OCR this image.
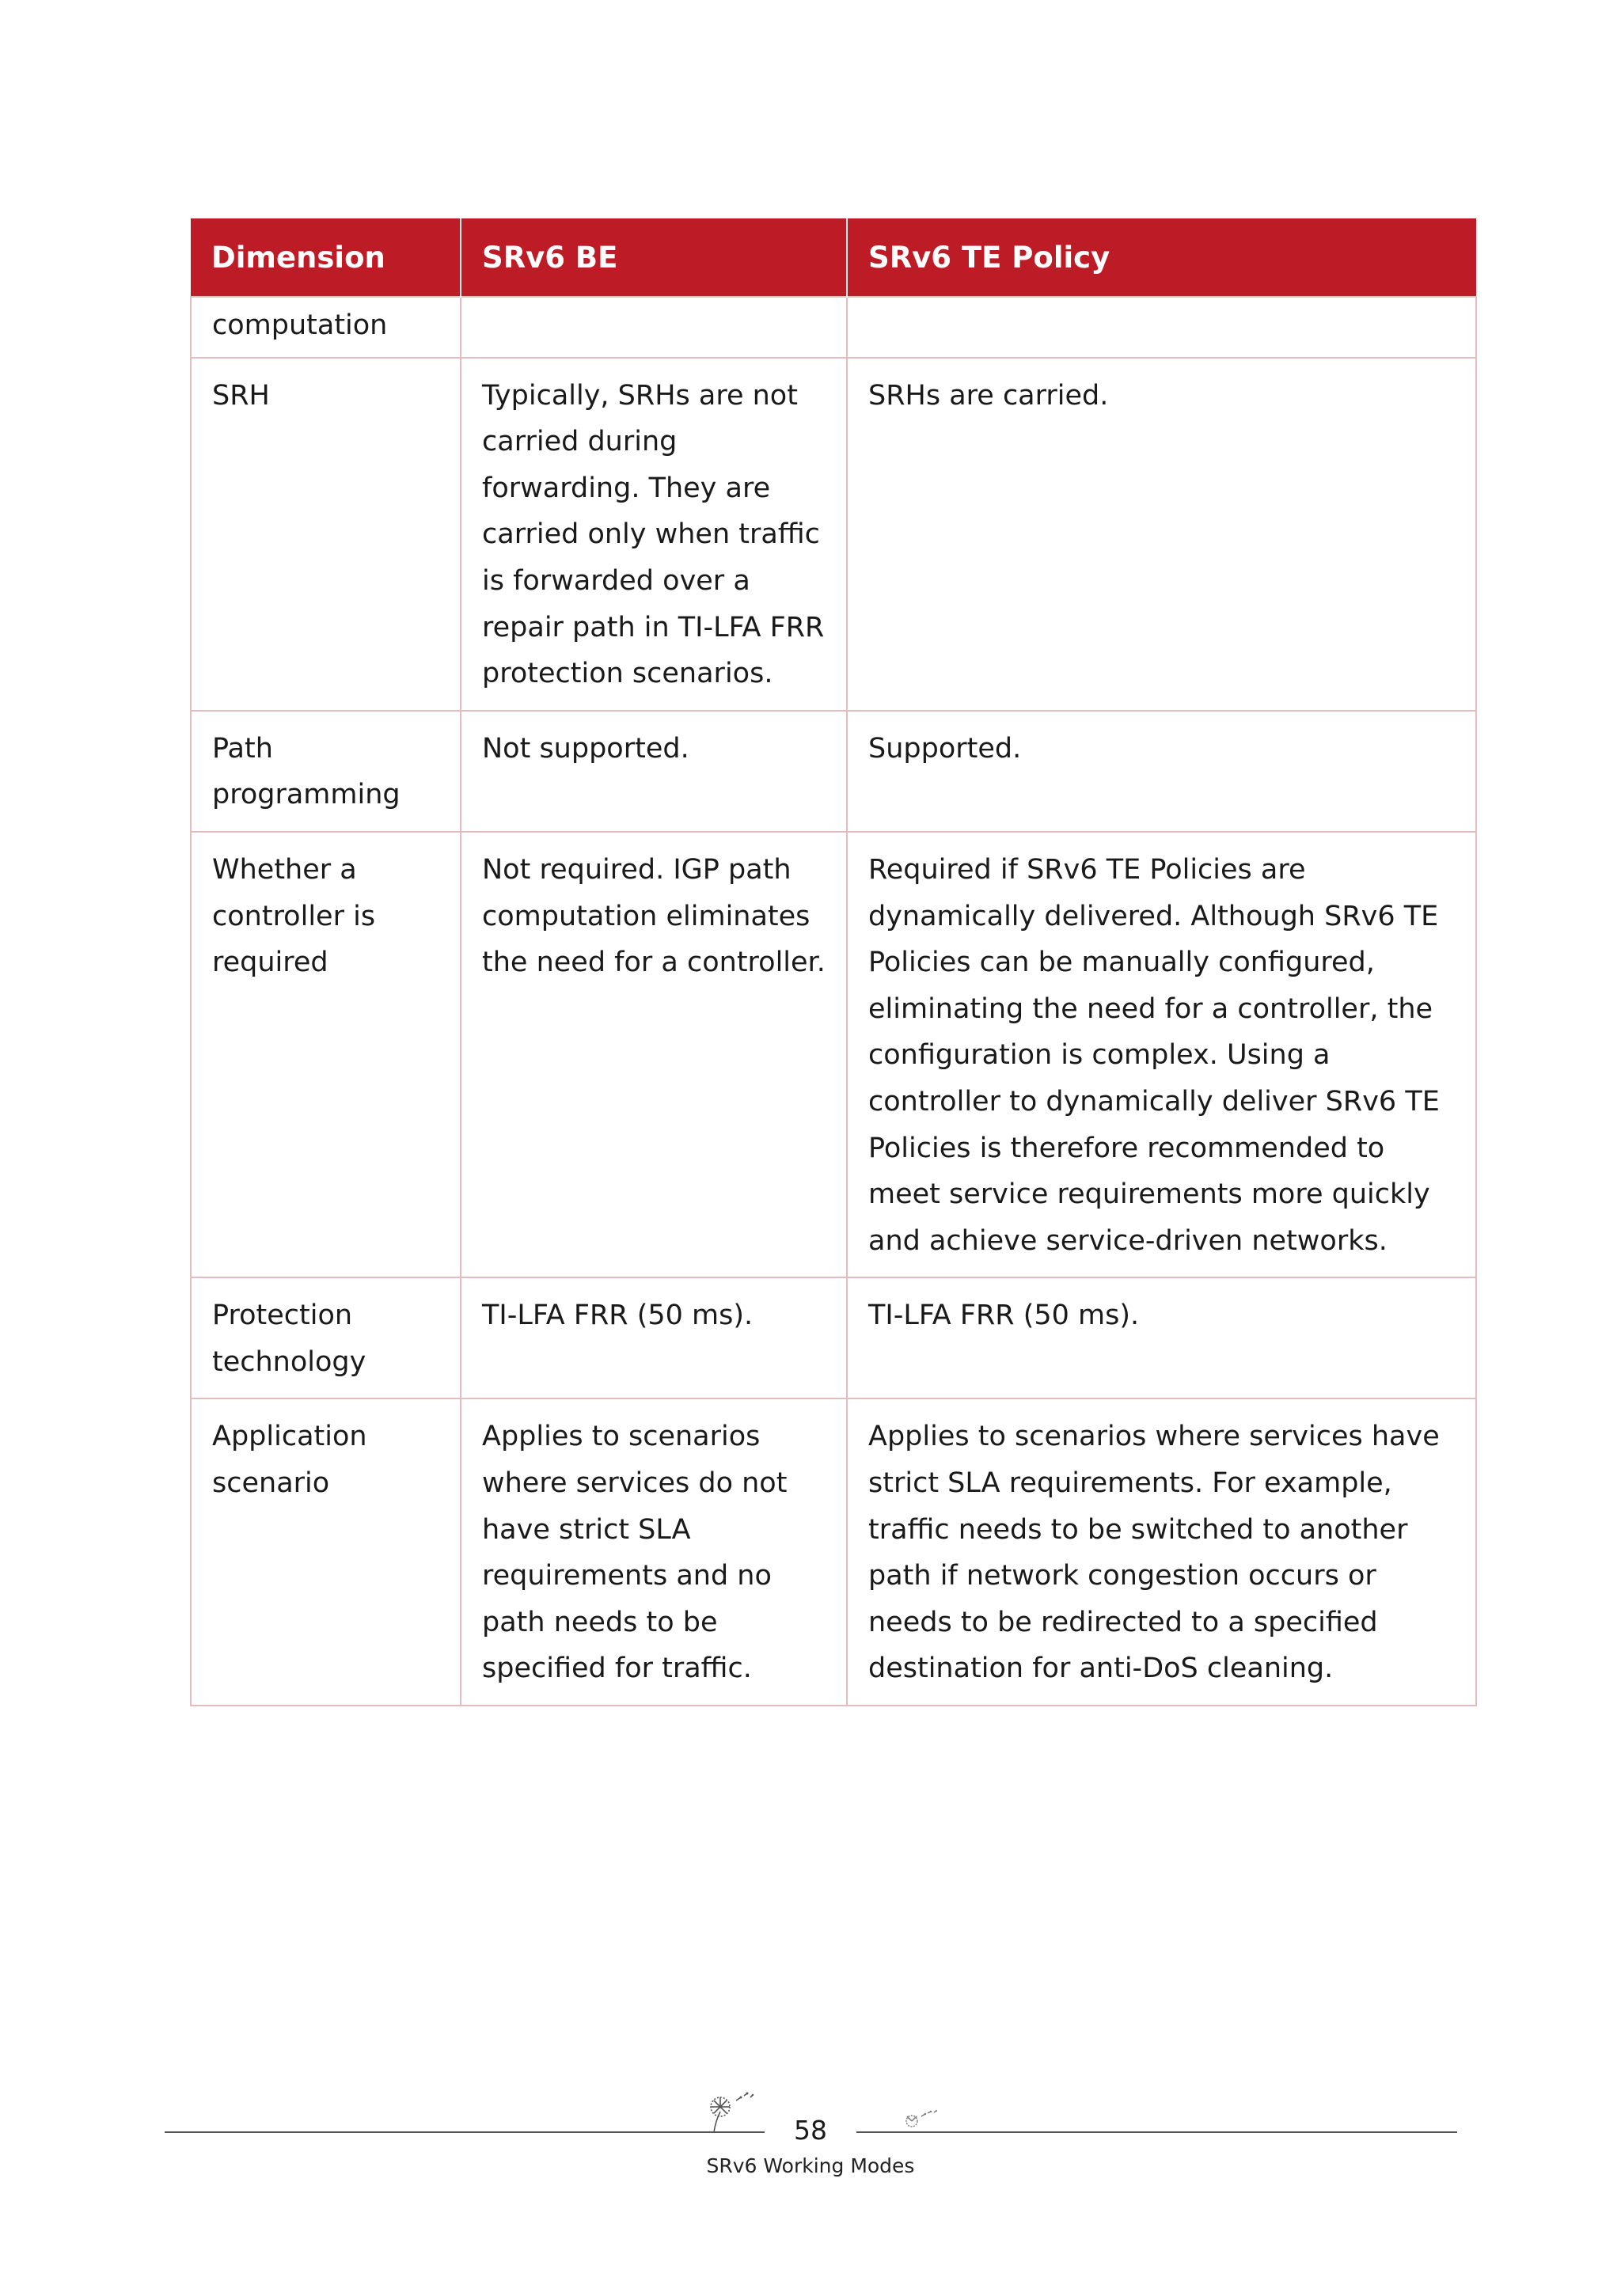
Dimension	SRv6 BE	SRv6 TE Policy
computation		
SRH	Typically, SRHs are not carried during forwarding. They are carried only when traffic is forwarded over a repair path in TI-LFA FRR protection scenarios.	SRHs are carried.
Path programming	Not supported.	Supported.
Whether a controller is required	Not required. IGP path computation eliminates the need for a controller.	Required if SRv6 TE Policies are dynamically delivered. Although SRv6 TE Policies can be manually configured, eliminating the need for a controller, the configuration is complex. Using a controller to dynamically deliver SRv6 TE Policies is therefore recommended to meet service requirements more quickly and achieve service-driven networks.
Protection technology	TI-LFA FRR (50 ms).	TI-LFA FRR (50 ms).
Application scenario	Applies to scenarios where services do not have strict SLA requirements and no path needs to be specified for traffic.	Applies to scenarios where services have strict SLA requirements. For example, traffic needs to be switched to another path if network congestion occurs or needs to be redirected to a specified destination for anti-DoS cleaning.
58
SRv6 Working Modes
